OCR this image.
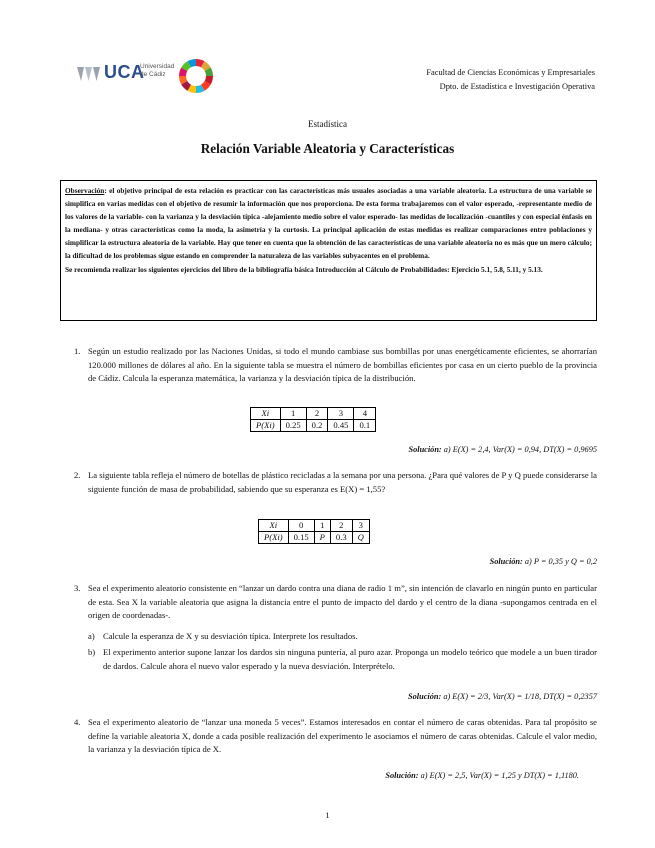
UCA
Universidad de Cádiz	Facultad de Ciencias Económicas y Empresariales
Dpto. de Estadística e Investigación Operativa
Estadística
Relación Variable Aleatoria y Características

Observación: el objetivo principal de esta relación es practicar con las características más usuales asociadas a una variable aleatoria. La estructura de una variable se simplifica en varias medidas con el objetivo de resumir la información que nos proporciona. De esta forma trabajaremos con el valor esperado, -representante medio de los valores de la variable- con la varianza y la desviación típica -alejamiento medio sobre el valor esperado- las medidas de localización -cuantiles y con especial énfasis en la mediana- y otras características como la moda, la asimetría y la curtosis. La principal aplicación de estas medidas es realizar comparaciones entre poblaciones y simplificar la estructura aleatoria de la variable. Hay que tener en cuenta que la obtención de las características de una variable aleatoria no es más que un mero cálculo; la dificultad de los problemas sigue estando en comprender la naturaleza de las variables subyacentes en el problema.

Se recomienda realizar los siguientes ejercicios del libro de la bibliografía básica Introducción al Cálculo de Probabilidades: Ejercicio 5.1, 5.8, 5.11, y 5.13.

1. Según un estudio realizado por las Naciones Unidas, si todo el mundo cambiase sus bombillas por unas energéticamente eficientes, se ahorrarían 120.000 millones de dólares al año. En la siguiente tabla se muestra el número de bombillas eficientes por casa en un cierto pueblo de la provincia de Cádiz. Calcula la esperanza matemática, la varianza y la desviación típica de la distribución.
Xi	1	2	3	4
P(Xi)	0.25	0.2	0.45	0.1
Solución: a) E(X) = 2,4, Var(X) = 0,94, DT(X) = 0,9695
2. La siguiente tabla refleja el número de botellas de plástico recicladas a la semana por una persona. ¿Para qué valores de P y Q puede considerarse la siguiente función de masa de probabilidad, sabiendo que su esperanza es E(X) = 1,55?
Xi	0	1	2	3
P(Xi)	0.15	P	0.3	Q
Solución: a) P = 0,35 y Q = 0,2
3. Sea el experimento aleatorio consistente en “lanzar un dardo contra una diana de radio 1 m”, sin intención de clavarlo en ningún punto en particular de esta. Sea X la variable aleatoria que asigna la distancia entre el punto de impacto del dardo y el centro de la diana -supongamos centrada en el origen de coordenadas-.
a) Calcule la esperanza de X y su desviación típica. Interprete los resultados.
b) El experimento anterior supone lanzar los dardos sin ninguna puntería, al puro azar. Proponga un modelo teórico que modele a un buen tirador de dardos. Calcule ahora el nuevo valor esperado y la nueva desviación. Interprételo.
Solución: a) E(X) = 2/3, Var(X) = 1/18, DT(X) = 0,2357
4. Sea el experimento aleatorio de “lanzar una moneda 5 veces”. Estamos interesados en contar el número de caras obtenidas. Para tal propósito se define la variable aleatoria X, donde a cada posible realización del experimento le asociamos el número de caras obtenidas. Calcule el valor medio, la varianza y la desviación típica de X.
Solución: a) E(X) = 2,5, Var(X) = 1,25 y DT(X) = 1,1180.
1
